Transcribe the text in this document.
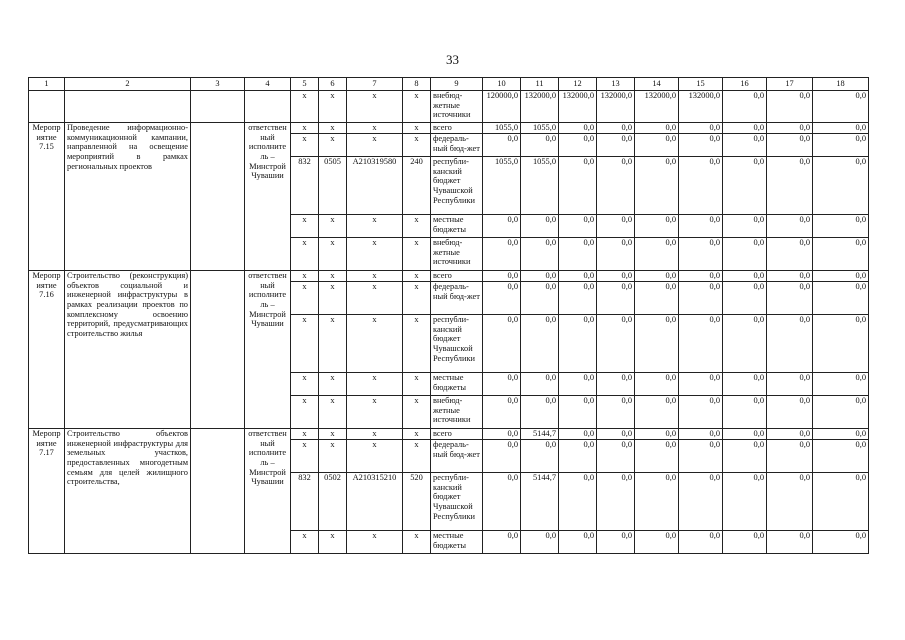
33
1	2	3	4	5	6	7	8	9	10	11	12	13	14	15	16	17	18
				x	x	x	x	внебюд-жетные источники	120000,0	132000,0	132000,0	132000,0	132000,0	132000,0	0,0	0,0	0,0
Мероприятие 7.15	Проведение информационно-коммуникационной кампании, направленной на освещение мероприятий в рамках региональных проектов		ответственный исполнитель – Минстрой Чувашии	x	x	x	x	всего	1055,0	1055,0	0,0	0,0	0,0	0,0	0,0	0,0	0,0
				x	x	x	x	федераль-ный бюд-жет	0,0	0,0	0,0	0,0	0,0	0,0	0,0	0,0	0,0
				832	0505	A210319580	240	республи-канский бюджет Чувашской Республики	1055,0	1055,0	0,0	0,0	0,0	0,0	0,0	0,0	0,0
				x	x	x	x	местные бюджеты	0,0	0,0	0,0	0,0	0,0	0,0	0,0	0,0	0,0
				x	x	x	x	внебюд-жетные источники	0,0	0,0	0,0	0,0	0,0	0,0	0,0	0,0	0,0
Мероприятие 7.16	Строительство (реконструкция) объектов социальной и инженерной инфраструктуры в рамках реализации проектов по комплексному освоению территорий, предусматривающих строительство жилья		ответственный исполнитель – Минстрой Чувашии	x	x	x	x	всего	0,0	0,0	0,0	0,0	0,0	0,0	0,0	0,0	0,0
				x	x	x	x	федераль-ный бюд-жет	0,0	0,0	0,0	0,0	0,0	0,0	0,0	0,0	0,0
				x	x	x	x	республи-канский бюджет Чувашской Республики	0,0	0,0	0,0	0,0	0,0	0,0	0,0	0,0	0,0
				x	x	x	x	местные бюджеты	0,0	0,0	0,0	0,0	0,0	0,0	0,0	0,0	0,0
				x	x	x	x	внебюд-жетные источники	0,0	0,0	0,0	0,0	0,0	0,0	0,0	0,0	0,0
Мероприятие 7.17	Строительство объектов инженерной инфраструктуры для земельных участков, предоставленных многодетным семьям для целей жилищного строительства,		ответственный исполнитель – Минстрой Чувашии	x	x	x	x	всего	0,0	5144,7	0,0	0,0	0,0	0,0	0,0	0,0	0,0
				x	x	x	x	федераль-ный бюд-жет	0,0	0,0	0,0	0,0	0,0	0,0	0,0	0,0	0,0
				832	0502	A210315210	520	республи-канский бюджет Чувашской Республики	0,0	5144,7	0,0	0,0	0,0	0,0	0,0	0,0	0,0
				x	x	x	x	местные бюджеты	0,0	0,0	0,0	0,0	0,0	0,0	0,0	0,0	0,0
